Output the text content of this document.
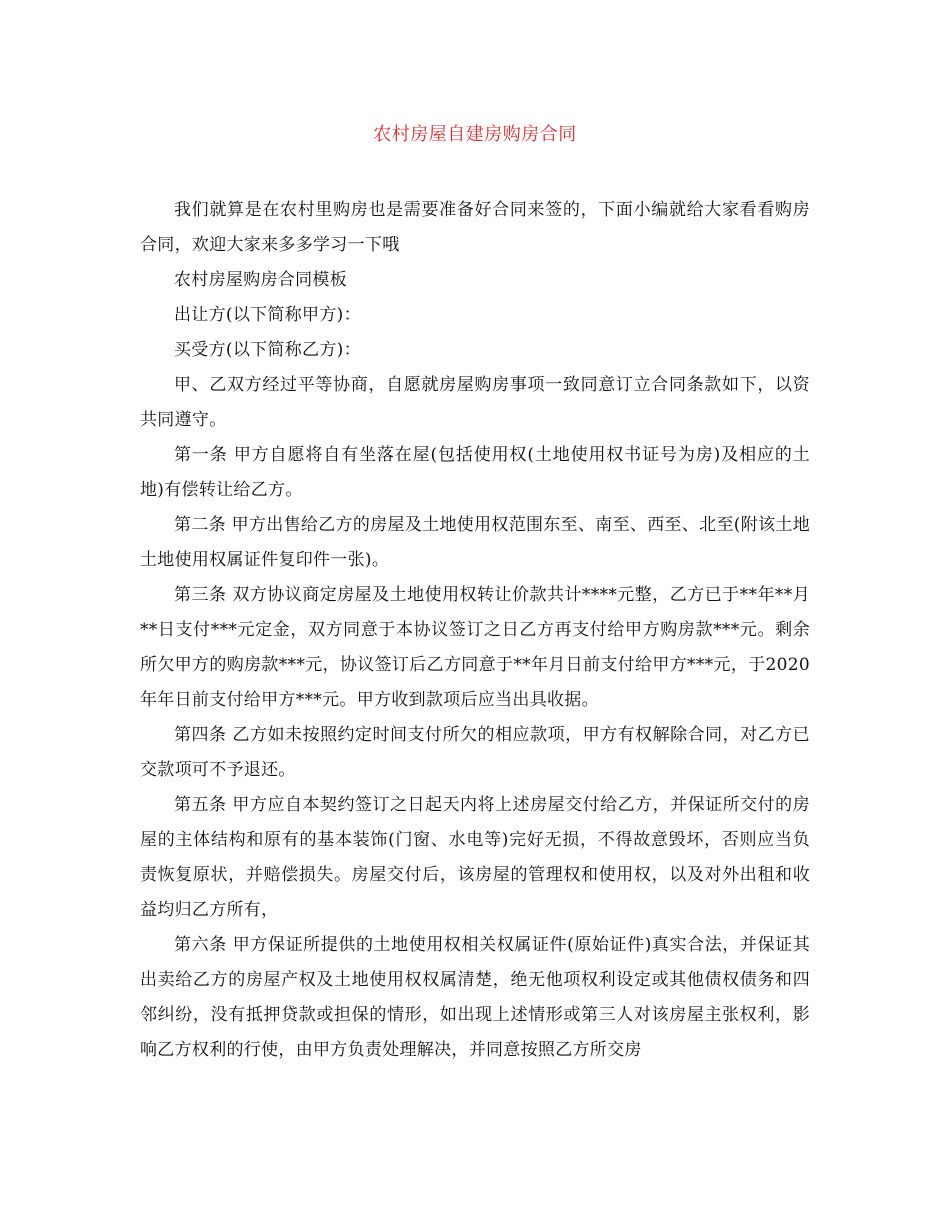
农村房屋自建房购房合同

我们就算是在农村里购房也是需要准备好合同来签的，下面小编就给大家看看购房合同，欢迎大家来多多学习一下哦

农村房屋购房合同模板

出让方(以下简称甲方)：

买受方(以下简称乙方)：

甲、乙双方经过平等协商，自愿就房屋购房事项一致同意订立合同条款如下，以资共同遵守。

第一条 甲方自愿将自有坐落在屋(包括使用权(土地使用权书证号为房)及相应的土地)有偿转让给乙方。

第二条 甲方出售给乙方的房屋及土地使用权范围东至、南至、西至、北至(附该土地土地使用权属证件复印件一张)。

第三条 双方协议商定房屋及土地使用权转让价款共计****元整，乙方已于**年**月**日支付***元定金，双方同意于本协议签订之日乙方再支付给甲方购房款***元。剩余所欠甲方的购房款***元，协议签订后乙方同意于**年月日前支付给甲方***元，于2020年年日前支付给甲方***元。甲方收到款项后应当出具收据。

第四条 乙方如未按照约定时间支付所欠的相应款项，甲方有权解除合同，对乙方已交款项可不予退还。

第五条 甲方应自本契约签订之日起天内将上述房屋交付给乙方，并保证所交付的房屋的主体结构和原有的基本装饰(门窗、水电等)完好无损，不得故意毁坏，否则应当负责恢复原状，并赔偿损失。房屋交付后，该房屋的管理权和使用权，以及对外出租和收益均归乙方所有，

第六条 甲方保证所提供的土地使用权相关权属证件(原始证件)真实合法，并保证其出卖给乙方的房屋产权及土地使用权权属清楚，绝无他项权利设定或其他债权债务和四邻纠纷，没有抵押贷款或担保的情形，如出现上述情形或第三人对该房屋主张权利，影响乙方权利的行使，由甲方负责处理解决，并同意按照乙方所交房
